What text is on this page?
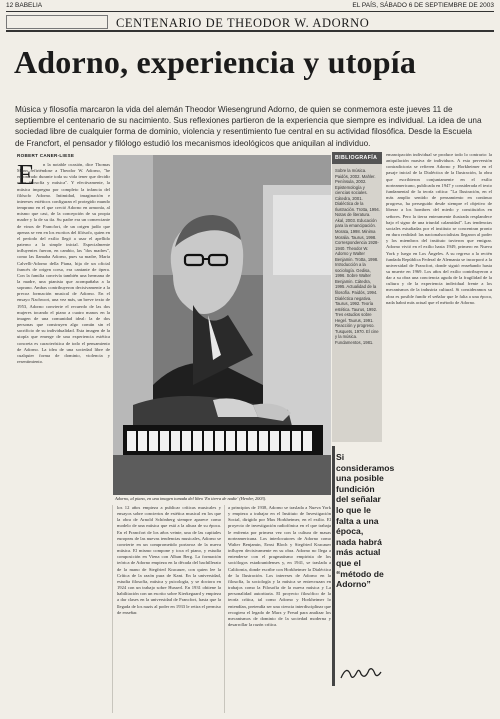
12 BABELIA	EL PAÍS, SÁBADO 6 DE SEPTIEMBRE DE 2003
CENTENARIO DE THEODOR W. ADORNO
Adorno, experiencia y utopía
Música y filosofía marcaron la vida del alemán Theodor Wiesengrund Adorno, de quien se conmemora este jueves 11 de septiembre el centenario de su nacimiento. Sus reflexiones partieron de la experiencia que siempre es individual. La idea de una sociedad libre de cualquier forma de dominio, violencia y resentimiento fue central en su actividad filosófica. Desde la Escuela de Francfort, el pensador y filólogo estudió los mecanismos ideológicos que aniquilan al individuo.
ROBERT CANER-LIESE
E	n la notable ocasión, dice Thomas Mann refiriéndose a Theodor W. Adorno, "he encontrado durante toda su vida tener que decidir entre filosofía y música". Y efectivamente, la música impregna por completo la infancia del filósofo Adorno. Intimidad, imaginación e intereses estéticos configuran el protegido mundo temprano en el que creció Adorno en armonía, al mismo que casi, de la concepción de su propia madre y la de su tía. Su padre era un comerciante de vinos de Francfort, de un origen judío que apenas se ven en los escritos del filósofo, quien en el período del exilio llegó a usar el apellido paterno a la simple inicial. Especialmente influyentes fueron, en cambio, las "dos madres", como las llamaba Adorno, pues su madre, María Calvelli-Adorno della Piana, hija de un oficial francés de origen corso, era cantante de ópera. Con la familia convivía también una hermana de la madre, una pianista que acompañaba a la soprano. Ambas contribuyeron decisivamente a la precoz formación musical de Adorno. En el ensayo Nachwort, una vez más, un breve texto de 1953, Adorno convierte el recuerdo de las dos mujeres tocando el piano a cuatro manos en la imagen de una comunidad ideal: la de dos personas que construyen algo común sin el sacrificio de su individualidad. Esta imagen de la utopía que emerge de una experiencia estética concreta es característica de todo el pensamiento de Adorno. La idea de una sociedad libre de cualquier forma de dominio, violencia y resentimiento.

Adorno, al piano, en una imagen tomada del libro 'En tierra de nadie' (Herder, 2003).

los 12 años empieza a publicar críticas musicales y ensayos sobre conciertos de estética musical en los que la obra de Arnold Schönberg siempre aparece como modelo de una música que está a la altura de su época. En el Francfort de los años veinte, una de las capitales europeas de las nuevas tendencias musicales, Adorno se convierte en un comprometido portavoz de la nueva música. El mismo compone y toca el piano, y estudia composición en Viena con Alban Berg. La formación teórica de Adorno empieza en la década del bachillerato de la mano de Siegfried Kracauer, con quien lee la Crítica de la razón pura de Kant. En la universidad, estudia filosofía, música y psicología, y se doctora en 1924 con un trabajo sobre Husserl. En 1931 obtiene la habilitación con un escrito sobre Kierkegaard y empieza a dar clases en la universidad de Francfort, hasta que la llegada de los nazis al poder en 1933 le retira el permiso de enseñar.

a principios de 1938, Adorno se traslada a Nueva York y empieza a trabajar en el Instituto de Investigación Social, dirigido por Max Horkheimer, en el exilio. El proyecto de investigación radiofónica en el que trabaja le enfrenta por primera vez con la cultura de masas norteamericana. Los interlocutores de Adorno como Walter Benjamin, Ernst Bloch y Siegfried Kracauer influyen decisivamente en su obra. Adorno no llega a entenderse con el pragmatismo empirista de los sociólogos estadounidenses y, en 1941, se traslada a California, donde escribe con Horkheimer la Dialéctica de la Ilustración. Los intereses de Adorno en la filosofía, la sociología y la música se entrecruzan en trabajos como la Filosofía de la nueva música y La personalidad autoritaria. El proyecto filosófico de la teoría crítica, tal como Adorno y Horkheimer lo entendían, pretendía ser una ciencia interdisciplinar que recogiera el legado de Marx y Freud para analizar los mecanismos de dominio de la sociedad moderna y desarrollar la razón crítica.

BIBLIOGRAFÍA
Sobre la música. Paidós, 2002. Mahler. Península, 2002. Epistemología y ciencias sociales. Cátedra, 2001. Dialéctica de la Ilustración. Trotta, 1994. Notas de literatura. Akal, 2003. Educación para la emancipación. Morata, 1998. Minima Moralia. Taurus, 1998. Correspondencia 1928-1940. Theodor W. Adorno y Walter Benjamin. Trotta, 1998. Introducción a la sociología. Gedisa, 1996. Sobre Walter Benjamin. Cátedra, 1995. Actualidad de la filosofía. Paidós, 1994. Dialéctica negativa. Taurus, 1992. Teoría estética. Taurus, 1992. Tres estudios sobre Hegel. Taurus, 1991. Reacción y progreso. Tusquets, 1970. El cine y la música. Fundamentos, 1981.
Si consideramos una posible fundición del señalar lo que le falta a una época, nada habrá más actual que el “método de Adorno”

emancipación individual se produce todo lo contrario: la aniquilación masiva de individuos. A esta perversión contradictoria se refieren Adorno y Horkheimer en el pasaje inicial de la Dialéctica de la Ilustración, la obra que escribieron conjuntamente en el exilio norteamericano, publicada en 1947 y considerada el texto fundamental de la teoría crítica: "La Ilustración, en el más amplio sentido de pensamiento en continuo progreso, ha perseguido desde siempre el objetivo de liberar a los hombres del miedo y constituirlos en señores. Pero la tierra enteramente ilustrada resplandece bajo el signo de una triunfal calamidad". Las tendencias sociales estudiadas por el instituto se concentran pronto en dura realidad: las nacionalsocialistas llegaron al poder y los miembros del instituto tuvieron que emigrar. Adorno vivió en el exilio hasta 1949, primero en Nueva York y luego en Los Ángeles. A su regreso a la recién fundada República Federal de Alemania se incorporó a la universidad de Francfort, donde siguió enseñando hasta su muerte en 1969. Los años del exilio contribuyeron a dar a su obra una conciencia aguda de la fragilidad de la cultura y de la experiencia individual frente a los mecanismos de la industria cultural. Si consideramos su obra es posible fundir el señalar que le falta a una época, nada habrá más actual que el método de Adorno.
